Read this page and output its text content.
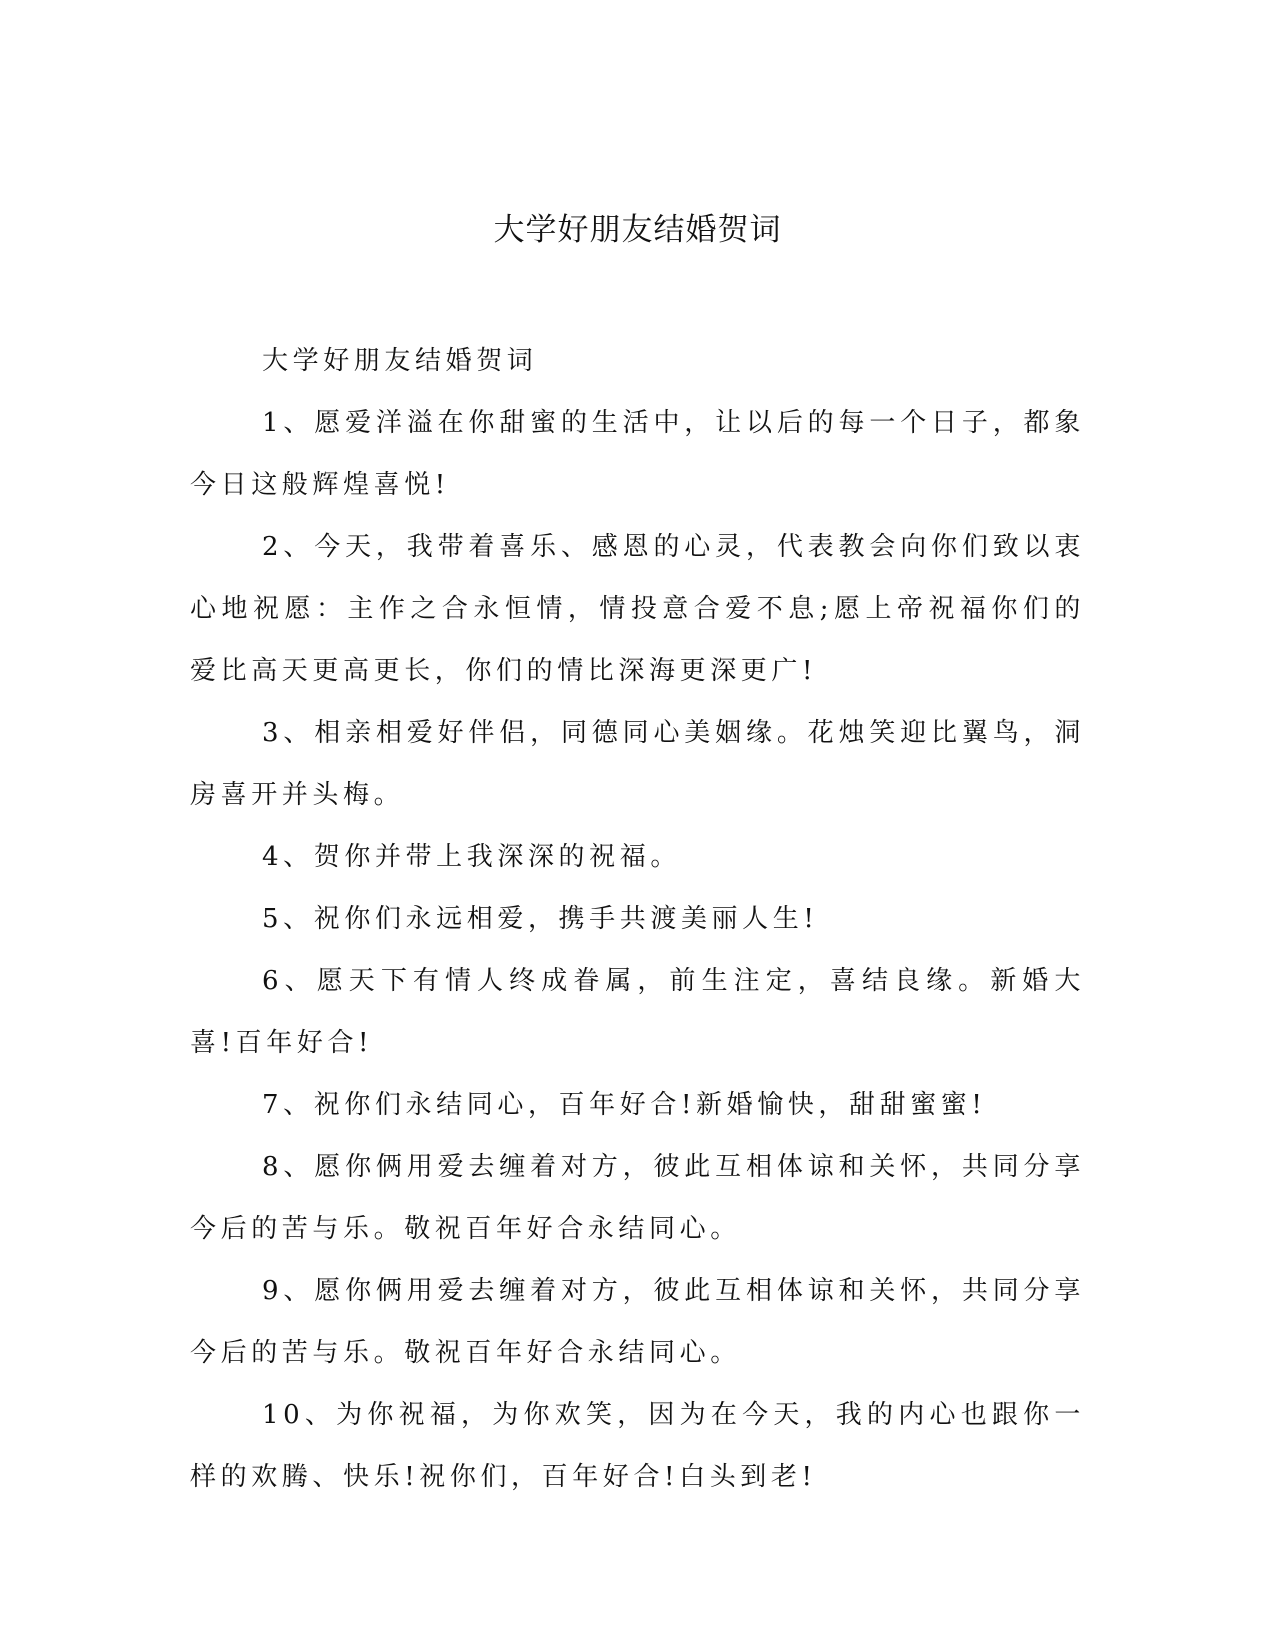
大学好朋友结婚贺词

大学好朋友结婚贺词

1、愿爱洋溢在你甜蜜的生活中，让以后的每一个日子，都象今日这般辉煌喜悦!

2、今天，我带着喜乐、感恩的心灵，代表教会向你们致以衷心地祝愿：主作之合永恒情，情投意合爱不息;愿上帝祝福你们的爱比高天更高更长，你们的情比深海更深更广!

3、相亲相爱好伴侣，同德同心美姻缘。花烛笑迎比翼鸟，洞房喜开并头梅。

4、贺你并带上我深深的祝福。

5、祝你们永远相爱，携手共渡美丽人生!

6、愿天下有情人终成眷属，前生注定，喜结良缘。新婚大喜!百年好合!

7、祝你们永结同心，百年好合!新婚愉快，甜甜蜜蜜!

8、愿你俩用爱去缠着对方，彼此互相体谅和关怀，共同分享今后的苦与乐。敬祝百年好合永结同心。

9、愿你俩用爱去缠着对方，彼此互相体谅和关怀，共同分享今后的苦与乐。敬祝百年好合永结同心。

10、为你祝福，为你欢笑，因为在今天，我的内心也跟你一样的欢腾、快乐!祝你们，百年好合!白头到老!
